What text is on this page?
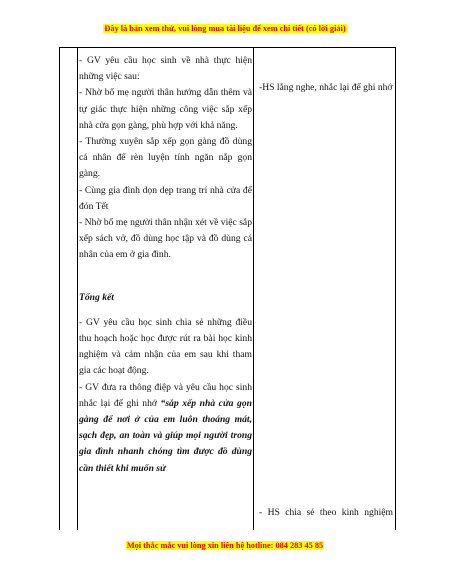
Đây là bản xem thử, vui lòng mua tài liệu để xem chi tiết (có lời giải)

- GV yêu cầu học sinh về nhà thực hiện những việc sau:

- Nhờ bố mẹ người thân hướng dẫn thêm và tự giác thực hiện những công việc sắp xếp nhà cửa gọn gàng, phù hợp với khả năng.

- Thường xuyên sắp xếp gọn gàng đồ dùng cá nhân để rèn luyện tính ngăn nắp gọn gàng.

- Cùng gia đình dọn dẹp trang trí nhà cửa để đón Tết

- Nhờ bố mẹ người thân nhận xét về việc sắp xếp sách vở, đồ dùng học tập và đồ dùng cá nhân của em ở gia đình.

Tổng kết

- GV yêu cầu học sinh chia sẻ những điều thu hoạch hoặc học được rút ra bài học kinh nghiệm và cảm nhận của em sau khi tham gia các hoạt động.

- GV đưa ra thông điệp và yêu cầu học sinh nhắc lại để ghi nhớ “sắp xếp nhà cửa gọn gàng để nơi ở của em luôn thoáng mát, sạch đẹp, an toàn và giúp mọi người trong gia đình nhanh chóng tìm được đồ dùng cần thiết khi muốn sử

-HS lắng nghe, nhắc lại để ghi nhớ
- HS chia sẻ theo kinh nghiệm
Mọi thắc mắc vui lòng xin liên hệ hotline: 084 283 45 85
